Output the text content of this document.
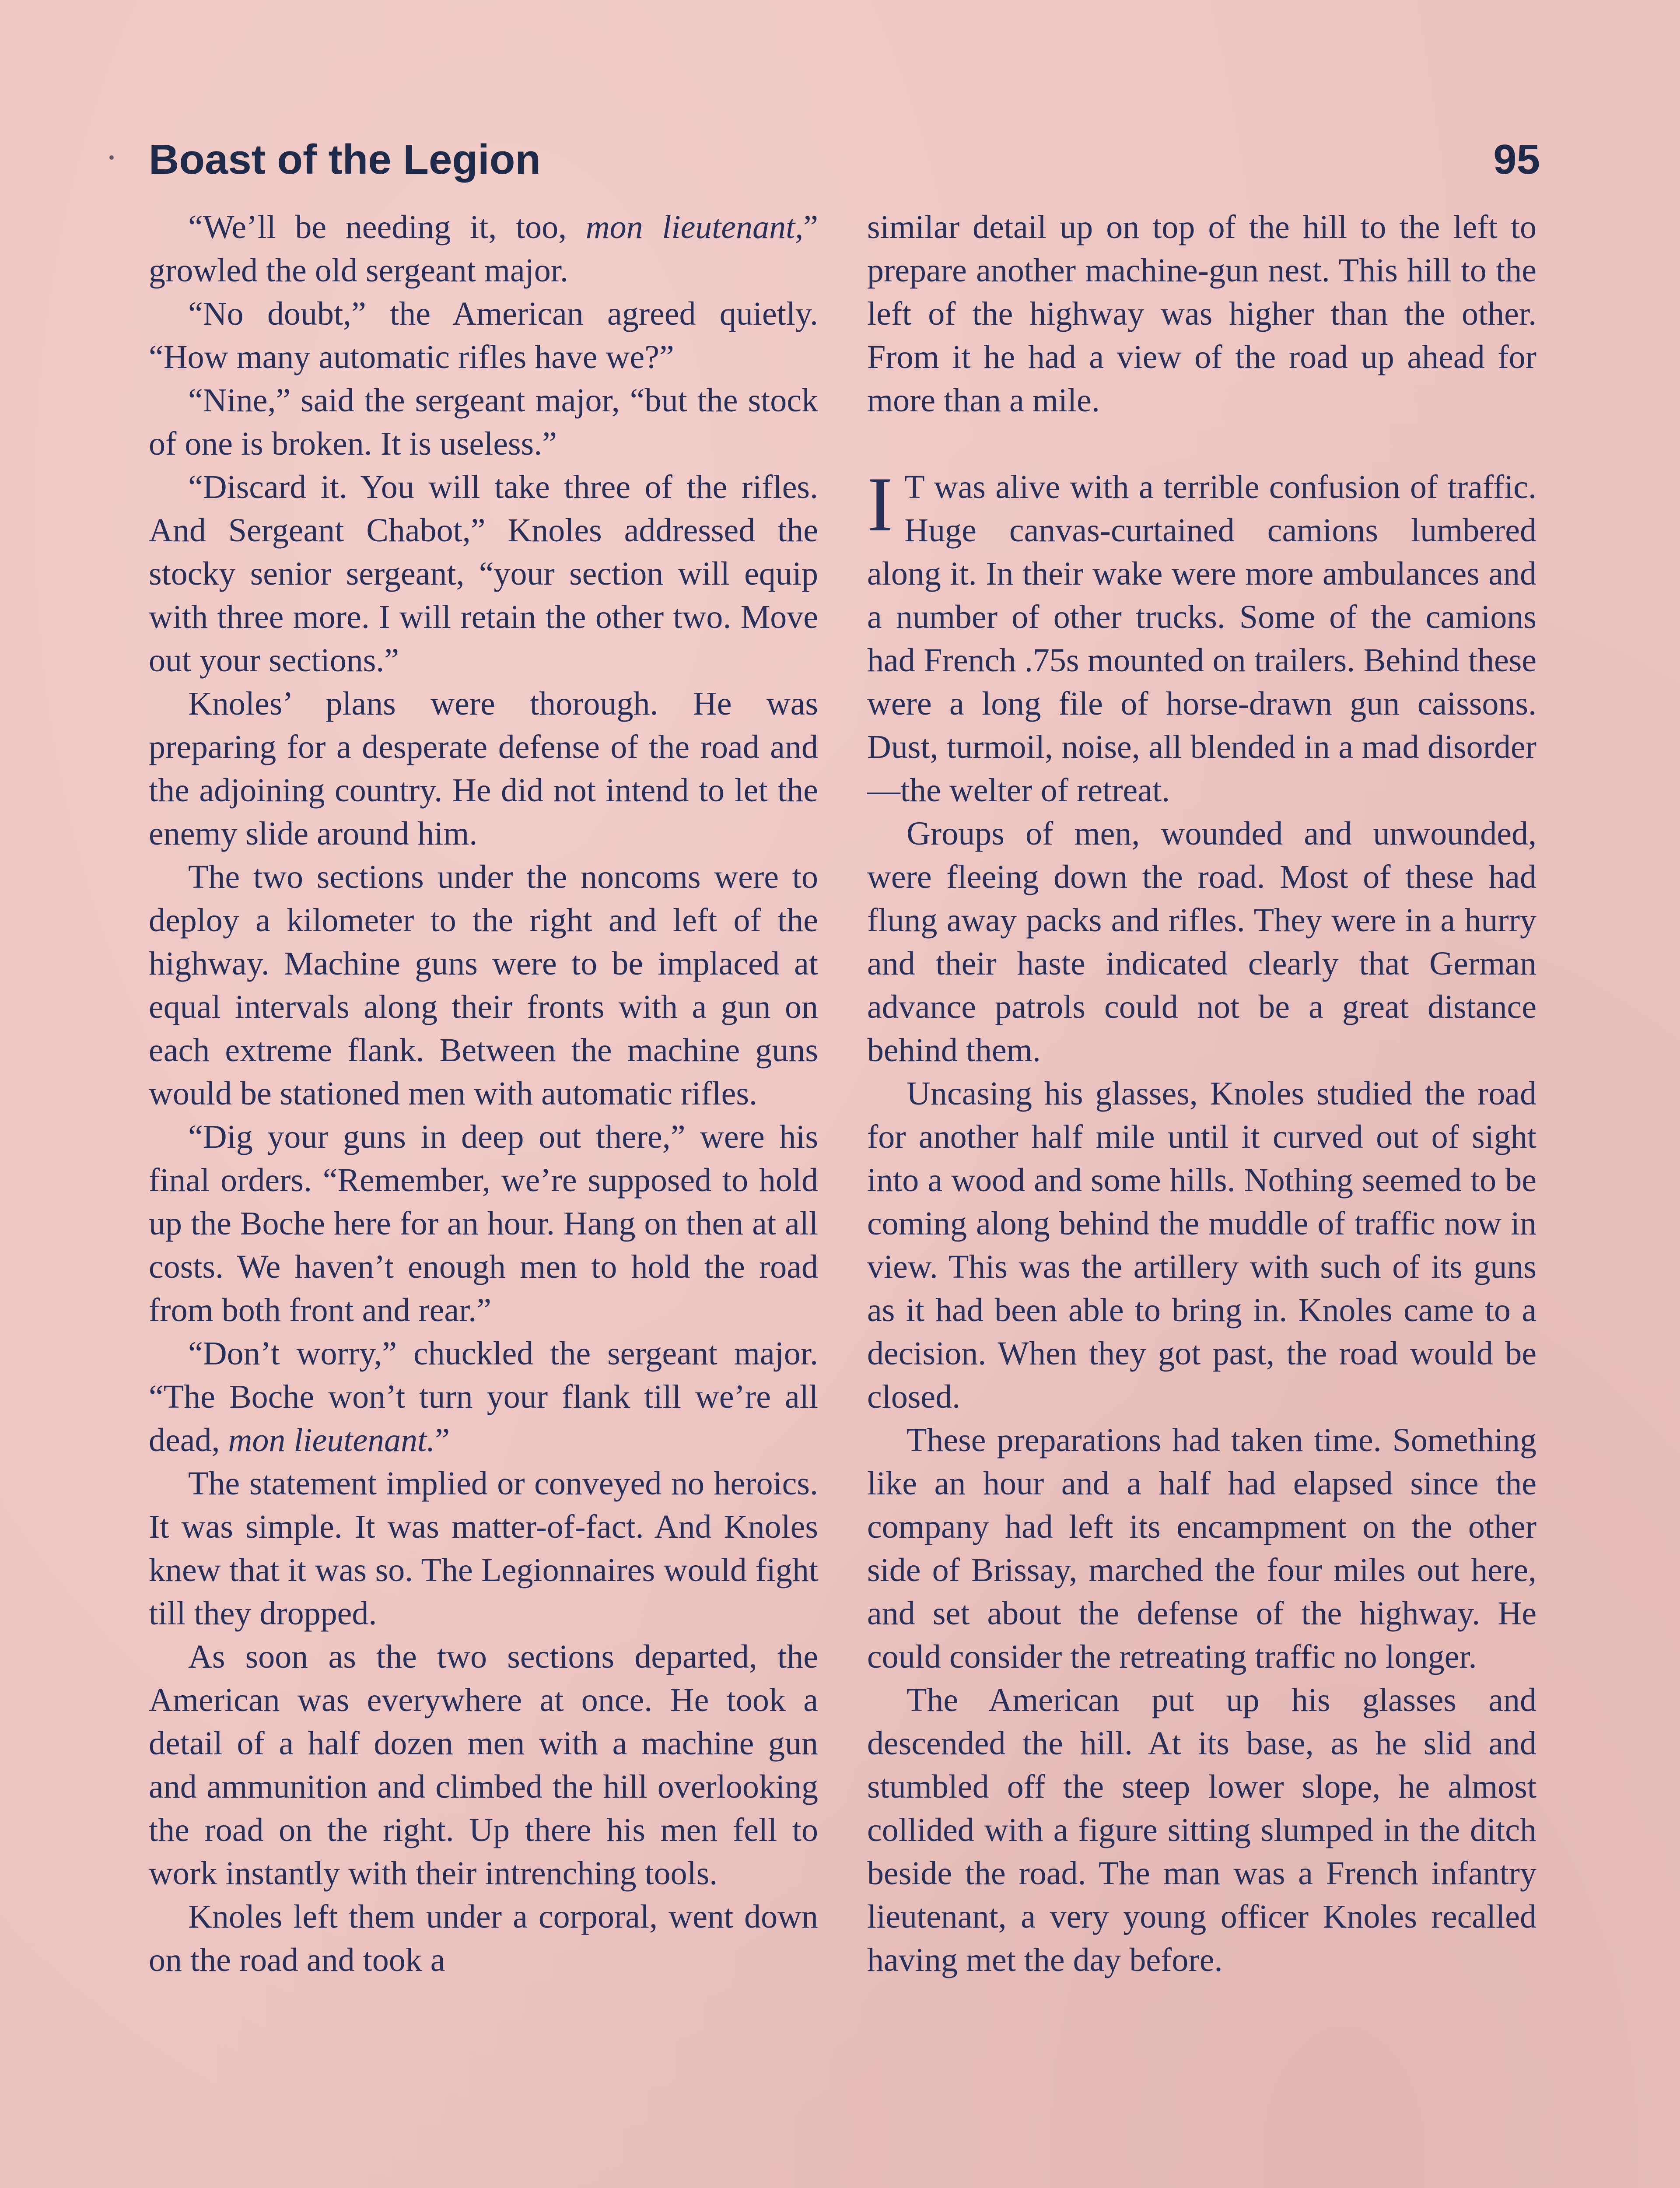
Boast of the Legion	95

“We’ll be needing it, too, mon lieutenant,” growled the old sergeant major.

“No doubt,” the American agreed quietly. “How many automatic rifles have we?”

“Nine,” said the sergeant major, “but the stock of one is broken. It is useless.”

“Discard it. You will take three of the rifles. And Sergeant Chabot,” Knoles addressed the stocky senior sergeant, “your section will equip with three more. I will retain the other two. Move out your sections.”

Knoles’ plans were thorough. He was preparing for a desperate defense of the road and the adjoining country. He did not intend to let the enemy slide around him.

The two sections under the noncoms were to deploy a kilometer to the right and left of the highway. Machine guns were to be implaced at equal intervals along their fronts with a gun on each extreme flank. Between the machine guns would be stationed men with automatic rifles.

“Dig your guns in deep out there,” were his final orders. “Remember, we’re supposed to hold up the Boche here for an hour. Hang on then at all costs. We haven’t enough men to hold the road from both front and rear.”

“Don’t worry,” chuckled the sergeant major. “The Boche won’t turn your flank till we’re all dead, mon lieutenant.”

The statement implied or conveyed no heroics. It was simple. It was matter-of-fact. And Knoles knew that it was so. The Legionnaires would fight till they dropped.

As soon as the two sections departed, the American was everywhere at once. He took a detail of a half dozen men with a machine gun and ammunition and climbed the hill overlooking the road on the right. Up there his men fell to work instantly with their intrenching tools.

Knoles left them under a corporal, went down on the road and took a

similar detail up on top of the hill to the left to prepare another machine-gun nest. This hill to the left of the highway was higher than the other. From it he had a view of the road up ahead for more than a mile.

I T was alive with a terrible confusion of traffic. Huge canvas-curtained camions lumbered along it. In their wake were more ambulances and a number of other trucks. Some of the camions had French .75s mounted on trailers. Behind these were a long file of horse-drawn gun caissons. Dust, turmoil, noise, all blended in a mad disorder—the welter of retreat.

Groups of men, wounded and unwounded, were fleeing down the road. Most of these had flung away packs and rifles. They were in a hurry and their haste indicated clearly that German advance patrols could not be a great distance behind them.

Uncasing his glasses, Knoles studied the road for another half mile until it curved out of sight into a wood and some hills. Nothing seemed to be coming along behind the muddle of traffic now in view. This was the artillery with such of its guns as it had been able to bring in. Knoles came to a decision. When they got past, the road would be closed.

These preparations had taken time. Something like an hour and a half had elapsed since the company had left its encampment on the other side of Brissay, marched the four miles out here, and set about the defense of the highway. He could consider the retreating traffic no longer.

The American put up his glasses and descended the hill. At its base, as he slid and stumbled off the steep lower slope, he almost collided with a figure sitting slumped in the ditch beside the road. The man was a French infantry lieutenant, a very young officer Knoles recalled having met the day before.
